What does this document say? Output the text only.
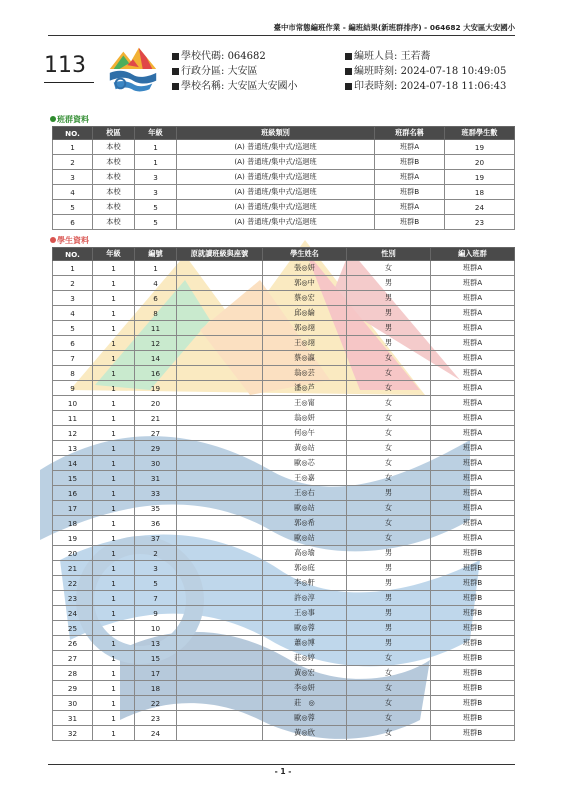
臺中市常態編班作業 - 編班結果(新班群排序) - 064682 大安區大安國小
113	學校代碼:
064682
行政分區:
大安區
學校名稱:
大安區大安國小
編班人員:
王若蕎
編班時刻:
2024-07-18 10:49:05
印表時刻:
2024-07-18 11:06:43
班群資料
NO.	校區	年級	班級類別	班群名稱	班群學生數
1	本校	1	(A) 普通班/集中式/巡迴班	班群A	19
2	本校	1	(A) 普通班/集中式/巡迴班	班群B	20
3	本校	3	(A) 普通班/集中式/巡迴班	班群A	19
4	本校	3	(A) 普通班/集中式/巡迴班	班群B	18
5	本校	5	(A) 普通班/集中式/巡迴班	班群A	24
6	本校	5	(A) 普通班/集中式/巡迴班	班群B	23
學生資料
NO.	年級	編號	原就讀班級與座號	學生姓名	性別	編入班群
1	1	1		張◎妍	女	班群A
2	1	4		郭◎中	男	班群A
3	1	6		蔡◎宏	男	班群A
4	1	8		邱◎綸	男	班群A
5	1	11		郭◎翊	男	班群A
6	1	12		王◎翊	男	班群A
7	1	14		蔡◎瀛	女	班群A
8	1	16		翁◎芸	女	班群A
9	1	19		潘◎芦	女	班群A
10	1	20		王◎甯	女	班群A
11	1	21		翁◎妍	女	班群A
12	1	27		何◎午	女	班群A
13	1	29		黃◎站	女	班群A
14	1	30		歐◎芯	女	班群A
15	1	31		王◎嘉	女	班群A
16	1	33		王◎右	男	班群A
17	1	35		歐◎站	女	班群A
18	1	36		郭◎希	女	班群A
19	1	37		歐◎站	女	班群A
20	1	2		高◎瑜	男	班群B
21	1	3		郭◎庭	男	班群B
22	1	5		李◎軒	男	班群B
23	1	7		許◎淳	男	班群B
24	1	9		王◎事	男	班群B
25	1	10		歐◎蓉	男	班群B
26	1	13		蕭◎博	男	班群B
27	1	15		莊◎婷	女	班群B
28	1	17		黃◎宏	女	班群B
29	1	18		李◎妍	女	班群B
30	1	22		莊　◎	女	班群B
31	1	23		歐◎蓉	女	班群B
32	1	24		黃◎欣	女	班群B
- 1 -
